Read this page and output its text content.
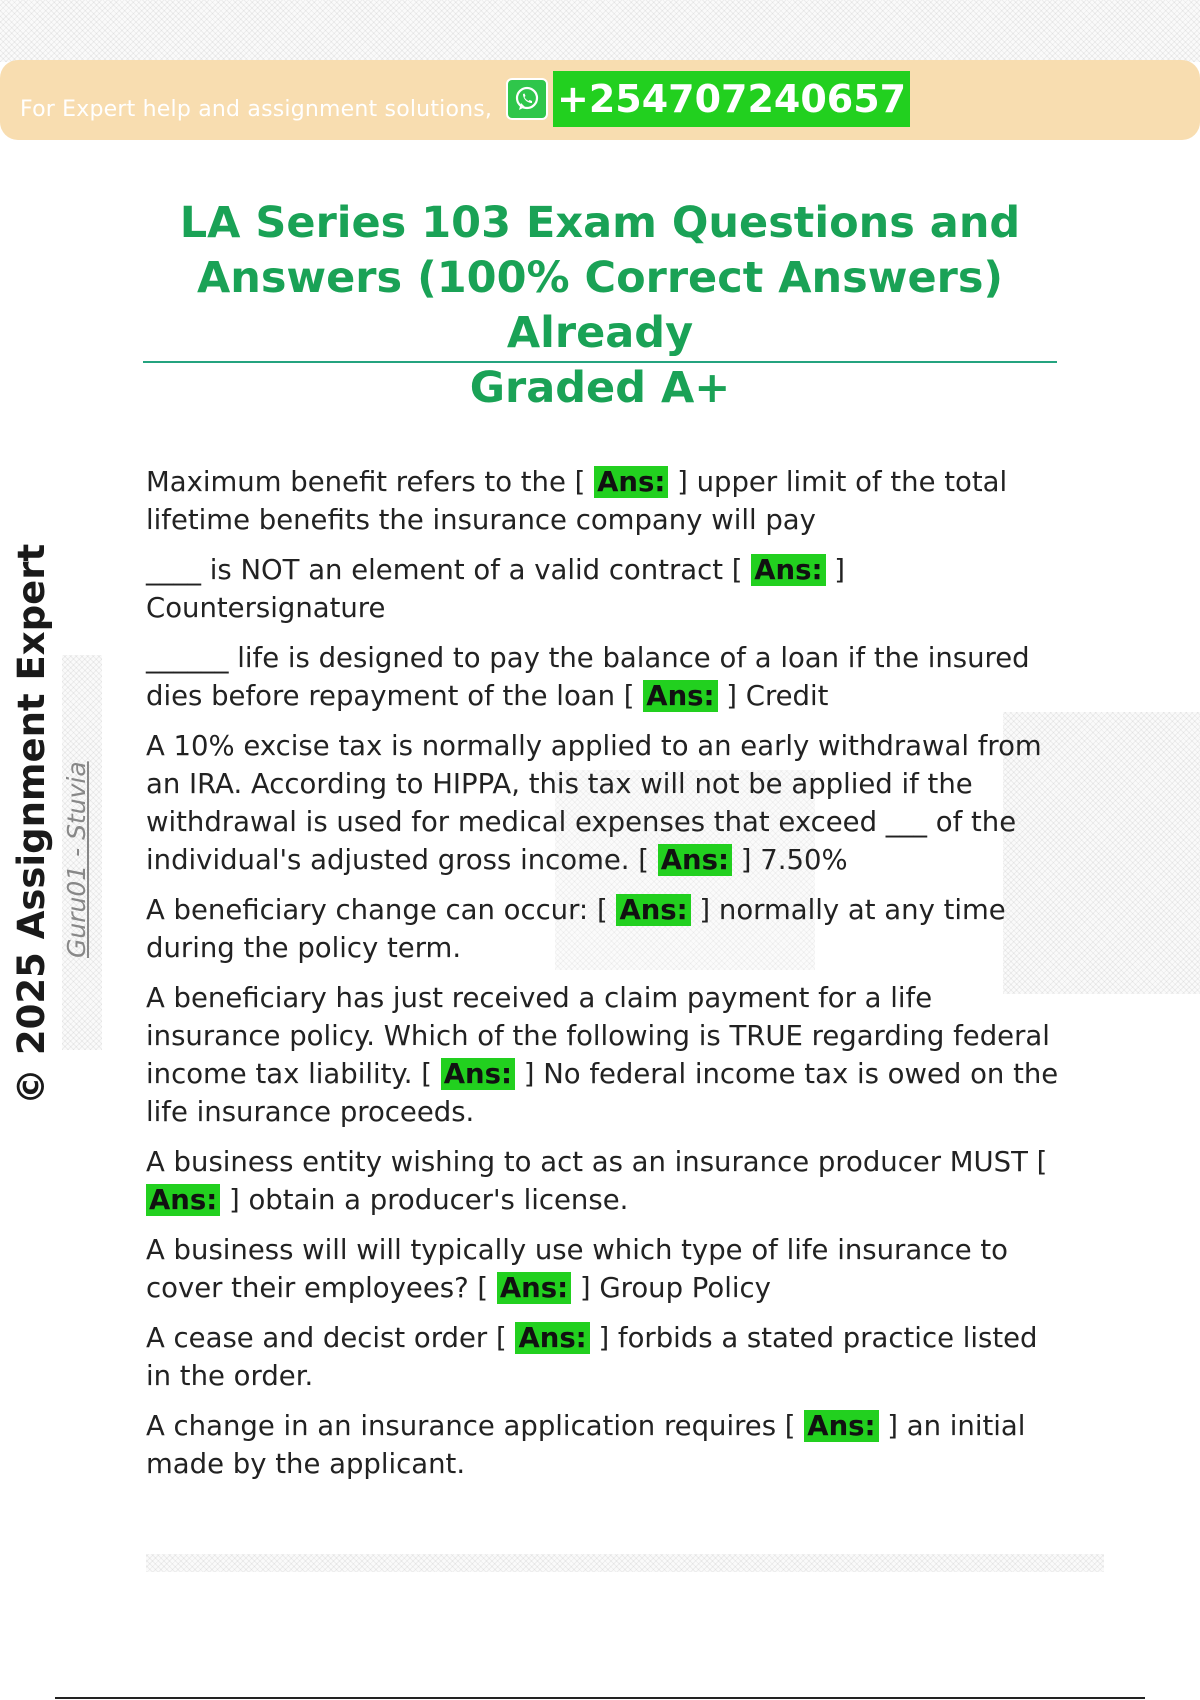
For Expert help and assignment solutions, +254707240657
LA Series 103 Exam Questions and
Answers (100% Correct Answers) Already
Graded A+
© 2025 Assignment Expert Guru01 - Stuvia

Maximum benefit refers to the [ Ans: ] upper limit of the total lifetime benefits the insurance company will pay

____ is NOT an element of a valid contract [ Ans: ] Countersignature

______ life is designed to pay the balance of a loan if the insured dies before repayment of the loan [ Ans: ] Credit

A 10% excise tax is normally applied to an early withdrawal from an IRA. According to HIPPA, this tax will not be applied if the withdrawal is used for medical expenses that exceed ___ of the individual's adjusted gross income. [ Ans: ] 7.50%

A beneficiary change can occur: [ Ans: ] normally at any time during the policy term.

A beneficiary has just received a claim payment for a life insurance policy. Which of the following is TRUE regarding federal income tax liability. [ Ans: ] No federal income tax is owed on the life insurance proceeds.

A business entity wishing to act as an insurance producer MUST [ Ans: ] obtain a producer's license.

A business will will typically use which type of life insurance to cover their employees? [ Ans: ] Group Policy

A cease and decist order [ Ans: ] forbids a stated practice listed in the order.

A change in an insurance application requires [ Ans: ] an initial made by the applicant.
